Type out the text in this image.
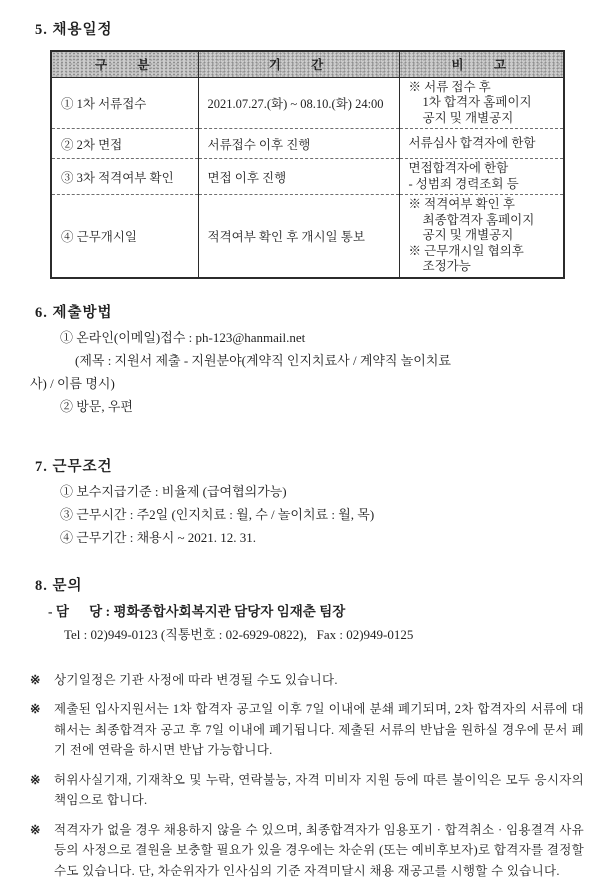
5. 채용일정
구  분	기  간	비  고
① 1차 서류접수	2021.07.27.(화) ~ 08.10.(화) 24:00	※ 서류 접수 후
1차 합격자 홈페이지
공지 및 개별공지

② 2차 면접	서류접수 이후 진행	서류심사 합격자에 한함

③ 3차 적격여부 확인	면접 이후 진행	면접합격자에 한함
- 성범죄 경력조회 등

④ 근무개시일	적격여부 확인 후 개시일 통보	※ 적격여부 확인 후
최종합격자 홈페이지
공지 및 개별공지
※ 근무개시일 협의후
조정가능
6. 제출방법
① 온라인(이메일)접수 : ph-123@hanmail.net
(제목 : 지원서 제출 - 지원분야(계약직 인지치료사 / 계약직 놀이치료
사) / 이름 명시)
② 방문, 우편
7. 근무조건
① 보수지급기준 : 비율제 (급여협의가능)
③ 근무시간 : 주2일 (인지치료 : 월, 수 / 놀이치료 : 월, 목)
④ 근무기간 : 채용시 ~ 2021. 12. 31.
8. 문의
- 담      당 : 평화종합사회복지관 담당자 임재춘 팀장
Tel : 02)949-0123 (직통번호 : 02-6929-0822),   Fax : 02)949-0125
※	상기일정은 기관 사정에 따라 변경될 수도 있습니다.
※	제출된 입사지원서는 1차 합격자 공고일 이후 7일 이내에 분쇄 폐기되며, 2차 합격자의 서류에 대해서는 최종합격자 공고 후 7일 이내에 폐기됩니다. 제출된 서류의 반납을 원하실 경우에 문서 폐기 전에 연락을 하시면 반납 가능합니다.
※	허위사실기재, 기재착오 및 누락, 연락불능, 자격 미비자 지원 등에 따른 불이익은 모두 응시자의 책임으로 합니다.
※	적격자가 없을 경우 채용하지 않을 수 있으며, 최종합격자가 임용포기 · 합격취소 · 임용결격 사유 등의 사정으로 결원을 보충할 필요가 있을 경우에는 차순위 (또는 예비후보자)로 합격자를 결정할 수도 있습니다. 단, 차순위자가 인사심의 기준 자격미달시 채용 재공고를 시행할 수 있습니다.
